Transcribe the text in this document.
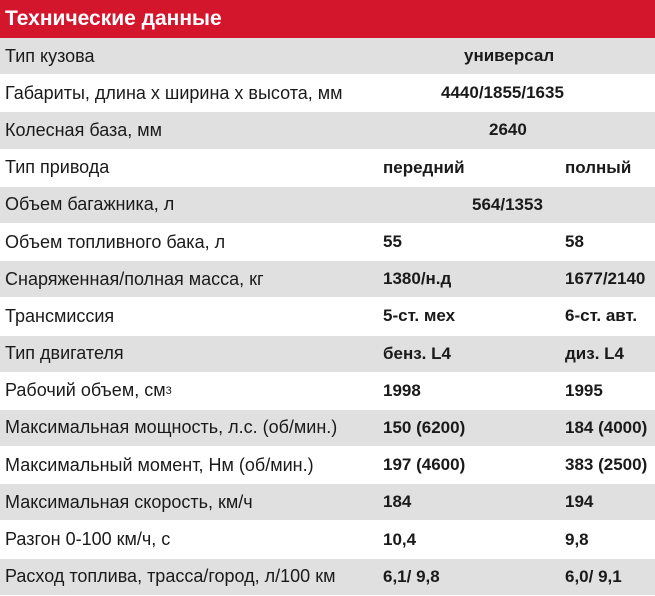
Технические данные
Тип кузова	универсал
Габариты, длина х ширина х высота, мм	4440/1855/1635
Колесная база, мм	2640
Тип привода	передний	полный
Объем багажника, л	564/1353
Объем топливного бака, л	55	58
Снаряженная/полная масса, кг	1380/н.д	1677/2140
Трансмиссия	5-ст. мех	6-ст. авт.
Тип двигателя	бенз. L4	диз. L4
Рабочий объем, см 3	1998	1995
Максимальная мощность, л.с. (об/мин.)	150 (6200)	184 (4000)
Максимальный момент, Нм (об/мин.)	197 (4600)	383 (2500)
Максимальная скорость, км/ч	184	194
Разгон 0-100 км/ч, с	10,4	9,8
Расход топлива, трасса/город, л/100 км	6,1/ 9,8	6,0/ 9,1
